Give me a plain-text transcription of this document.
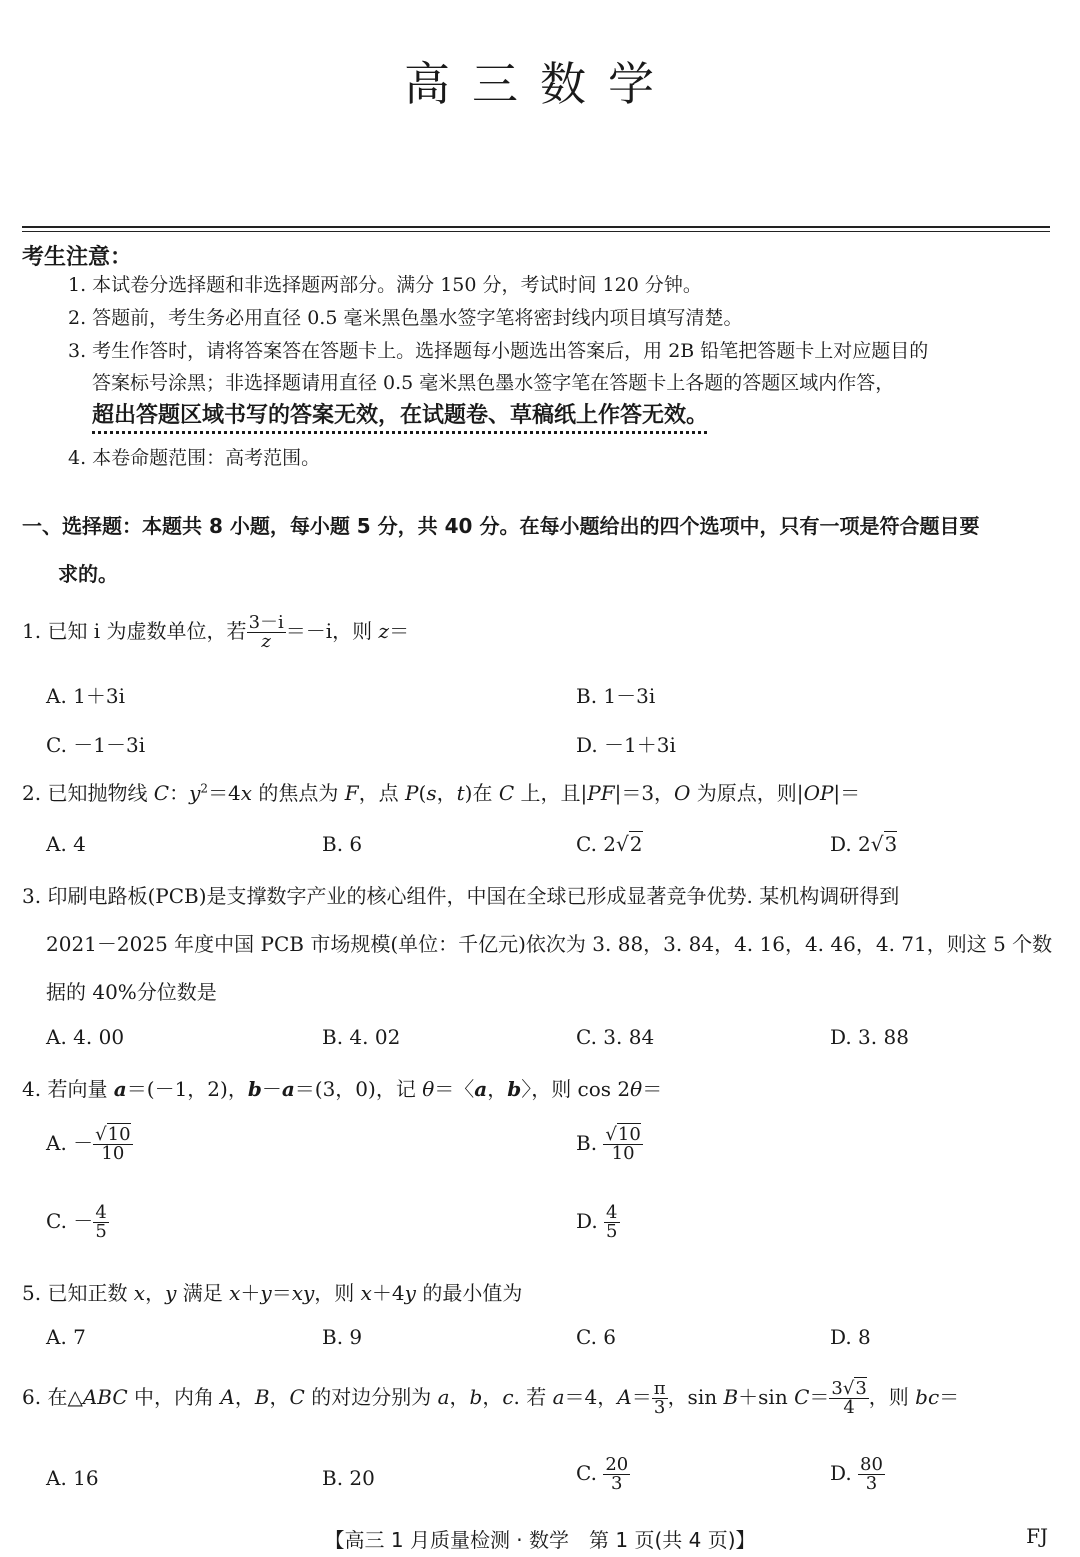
高三数学
考生注意：
1. 本试卷分选择题和非选择题两部分。满分 150 分，考试时间 120 分钟。
2. 答题前，考生务必用直径 0.5 毫米黑色墨水签字笔将密封线内项目填写清楚。
3. 考生作答时，请将答案答在答题卡上。选择题每小题选出答案后，用 2B 铅笔把答题卡上对应题目的
答案标号涂黑；非选择题请用直径 0.5 毫米黑色墨水签字笔在答题卡上各题的答题区域内作答，
超出答题区域书写的答案无效，在试题卷、草稿纸上作答无效。
4. 本卷命题范围：高考范围。
一、选择题：本题共 8 小题，每小题 5 分，共 40 分。在每小题给出的四个选项中，只有一项是符合题目要
求的。
1. 已知 i 为虚数单位，若 $\frac{3-i}{z} =-i$，则 z＝
A. 1＋3i	B. 1－3i
C. －1－3i	D. －1＋3i
2. 已知抛物线 C：$y^2=4x$ 的焦点为 F，点 P(s，t)在 C 上，且|PF|＝3，O 为原点，则|OP|＝
A. 4	B. 6	C. 2√2	D. 2√3
3. 印刷电路板(PCB)是支撑数字产业的核心组件，中国在全球已形成显著竞争优势. 某机构调研得到
2021－2025 年度中国 PCB 市场规模(单位：千亿元)依次为 3. 88，3. 84，4. 16，4. 46，4. 71，则这 5 个数
据的 40%分位数是
A. 4. 00	B. 4. 02	C. 3. 84	D. 3. 88
4. 若向量 a＝(－1，2)，b－a＝(3，0)，记 θ＝〈a，b〉，则 cos 2θ＝
A. － $\frac{√10}{10}$	B. $\frac{√10}{10}$
C. － $\frac{4}{5}$	D. $\frac{4}{5}$
5. 已知正数 x，y 满足 x＋y＝xy，则 x＋4y 的最小值为
A. 7	B. 9	C. 6	D. 8
6. 在△ABC 中，内角 A，B，C 的对边分别为 a，b，c. 若 a＝4，$A= \frac{\pi}{3}$ ，sin B＋sin $C= \frac{3√3}{4}$ ，则 bc＝
A. 16	B. 20	C. $\frac{20}{3}$	D. $\frac{80}{3}$
【高三 1 月质量检测 · 数学　第 1 页(共 4 页)】	FJ
